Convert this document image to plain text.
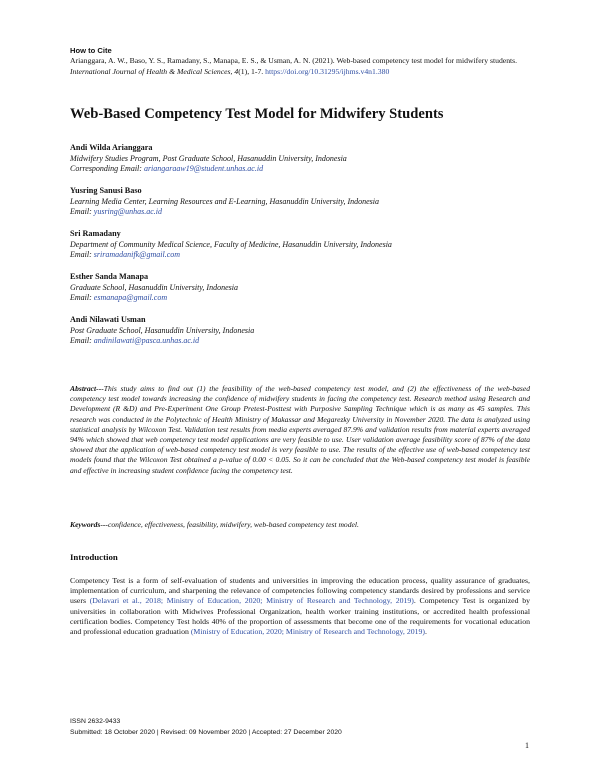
How to Cite
Arianggara, A. W., Baso, Y. S., Ramadany, S., Manapa, E. S., & Usman, A. N. (2021). Web-based competency test model for midwifery students. International Journal of Health & Medical Sciences, 4(1), 1-7. https://doi.org/10.31295/ijhms.v4n1.380
Web-Based Competency Test Model for Midwifery Students
Andi Wilda Arianggara
Midwifery Studies Program, Post Graduate School, Hasanuddin University, Indonesia
Corresponding Email: ariangaraaw19@student.unhas.ac.id
Yusring Sanusi Baso
Learning Media Center, Learning Resources and E-Learning, Hasanuddin University, Indonesia
Email: yusring@unhas.ac.id
Sri Ramadany
Department of Community Medical Science, Faculty of Medicine, Hasanuddin University, Indonesia
Email: sriramadanifk@gmail.com
Esther Sanda Manapa
Graduate School, Hasanuddin University, Indonesia
Email: esmanapa@gmail.com
Andi Nilawati Usman
Post Graduate School, Hasanuddin University, Indonesia
Email: andinilawati@pasca.unhas.ac.id
Abstract---This study aims to find out (1) the feasibility of the web-based competency test model, and (2) the effectiveness of the web-based competency test model towards increasing the confidence of midwifery students in facing the competency test. Research method using Research and Development (R &D) and Pre-Experiment One Group Pretest-Posttest with Purposive Sampling Technique which is as many as 45 samples. This research was conducted in the Polytechnic of Health Ministry of Makassar and Megarezky University in November 2020. The data is analyzed using statistical analysis by Wilcoxon Test. Validation test results from media experts averaged 87.9% and validation results from material experts averaged 94% which showed that web competency test model applications are very feasible to use. User validation average feasibility score of 87% of the data showed that the application of web-based competency test model is very feasible to use. The results of the effective use of web-based competency test models found that the Wilcoxon Test obtained a p-value of 0.00 < 0.05. So it can be concluded that the Web-based competency test model is feasible and effective in increasing student confidence facing the competency test.
Keywords---confidence, effectiveness, feasibility, midwifery, web-based competency test model.
Introduction
Competency Test is a form of self-evaluation of students and universities in improving the education process, quality assurance of graduates, implementation of curriculum, and sharpening the relevance of competencies following competency standards desired by professions and service users (Delavari et al., 2018; Ministry of Education, 2020; Ministry of Research and Technology, 2019). Competency Test is organized by universities in collaboration with Midwives Professional Organization, health worker training institutions, or accredited health professional certification bodies. Competency Test holds 40% of the proportion of assessments that become one of the requirements for vocational education and professional education graduation (Ministry of Education, 2020; Ministry of Research and Technology, 2019).
ISSN 2632-9433
Submitted: 18 October 2020 | Revised: 09 November 2020 | Accepted: 27 December 2020
1
